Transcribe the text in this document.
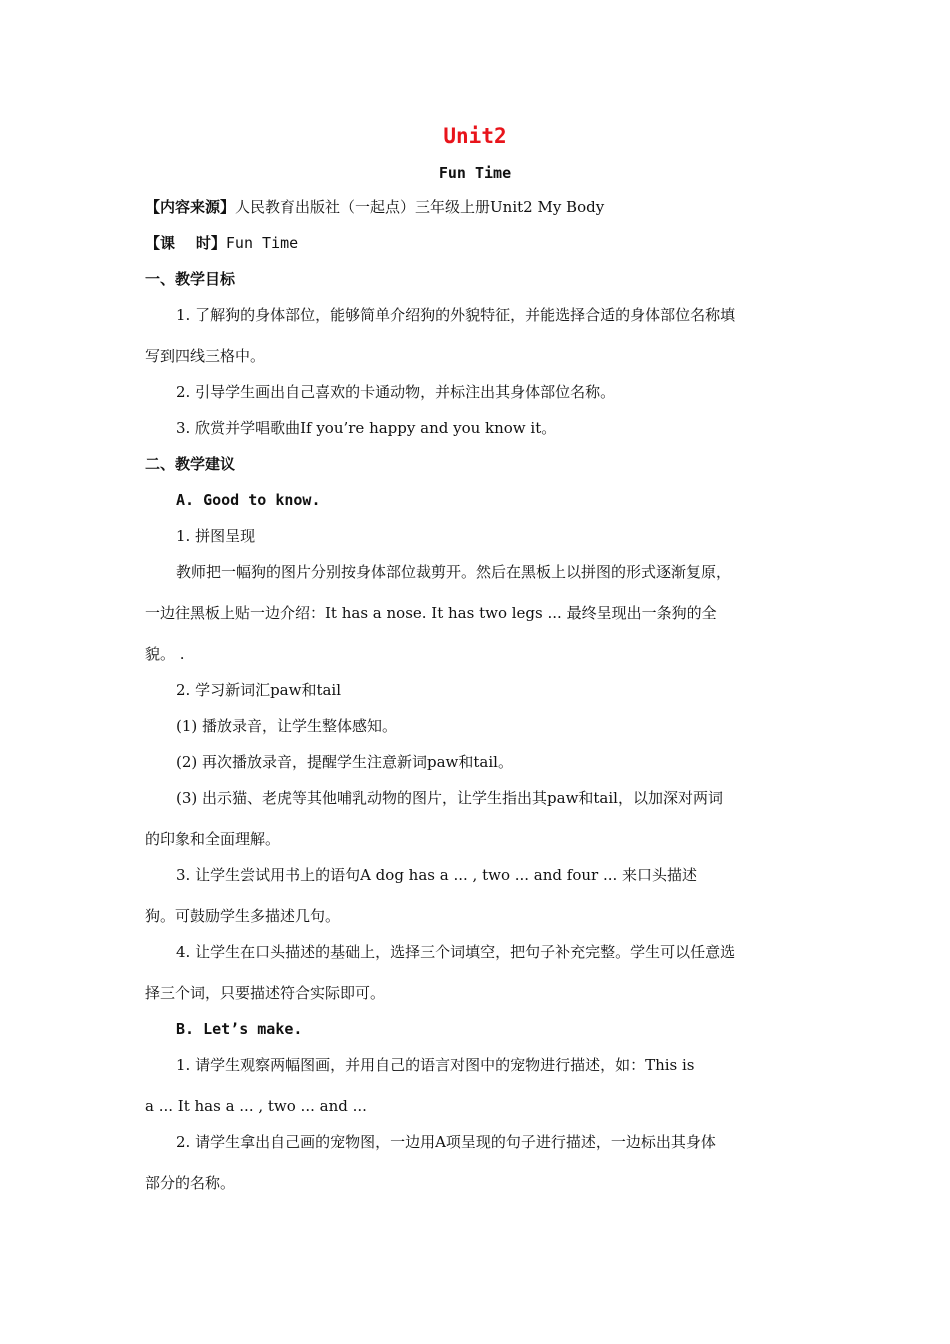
Unit2
Fun Time
【内容来源】人民教育出版社（一起点）三年级上册Unit2 My Body
【课    时】Fun Time
一、教学目标
1. 了解狗的身体部位，能够简单介绍狗的外貌特征，并能选择合适的身体部位名称填
写到四线三格中。
2. 引导学生画出自己喜欢的卡通动物，并标注出其身体部位名称。
3. 欣赏并学唱歌曲If you’re happy and you know it。
二、教学建议
A. Good to know.
1. 拼图呈现
教师把一幅狗的图片分别按身体部位裁剪开。然后在黑板上以拼图的形式逐渐复原，
一边往黑板上贴一边介绍：It has a nose. It has two legs ... 最终呈现出一条狗的全
貌。 .
2. 学习新词汇paw和tail
(1) 播放录音，让学生整体感知。
(2) 再次播放录音，提醒学生注意新词paw和tail。
(3) 出示猫、老虎等其他哺乳动物的图片，让学生指出其paw和tail，以加深对两词
的印象和全面理解。
3. 让学生尝试用书上的语句A dog has a ... , two ... and four ... 来口头描述
狗。可鼓励学生多描述几句。
4. 让学生在口头描述的基础上，选择三个词填空，把句子补充完整。学生可以任意选
择三个词，只要描述符合实际即可。
B. Let’s make.
1. 请学生观察两幅图画，并用自己的语言对图中的宠物进行描述，如：This is
a ... It has a ... , two ... and ...
2. 请学生拿出自己画的宠物图，一边用A项呈现的句子进行描述，一边标出其身体
部分的名称。
